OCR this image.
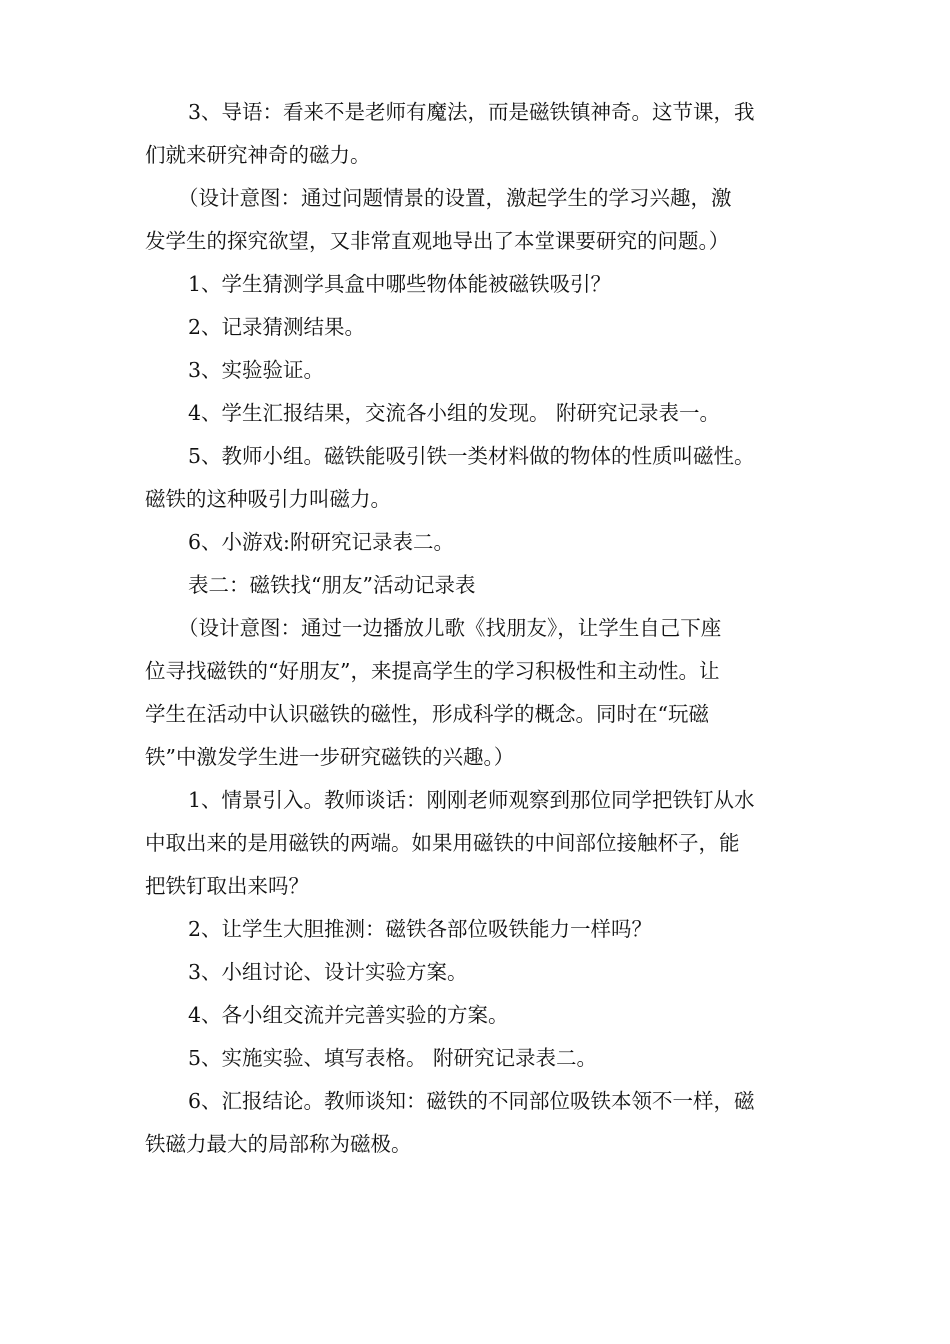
3、导语：看来不是老师有魔法，而是磁铁镇神奇。这节课，我
们就来研究神奇的磁力。
（设计意图：通过问题情景的设置，激起学生的学习兴趣，激
发学生的探究欲望，又非常直观地导出了本堂课要研究的问题。）
1、学生猜测学具盒中哪些物体能被磁铁吸引？
2、记录猜测结果。
3、实验验证。
4、学生汇报结果，交流各小组的发现。 附研究记录表一。
5、教师小组。磁铁能吸引铁一类材料做的物体的性质叫磁性。
磁铁的这种吸引力叫磁力。
6、小游戏:附研究记录表二。
表二：磁铁找“朋友”活动记录表
（设计意图：通过一边播放儿歌《找朋友》，让学生自己下座
位寻找磁铁的“好朋友”，来提高学生的学习积极性和主动性。让
学生在活动中认识磁铁的磁性，形成科学的概念。同时在“玩磁
铁”中激发学生进一步研究磁铁的兴趣。）
1、情景引入。教师谈话：刚刚老师观察到那位同学把铁钉从水
中取出来的是用磁铁的两端。如果用磁铁的中间部位接触杯子，能
把铁钉取出来吗？
2、让学生大胆推测：磁铁各部位吸铁能力一样吗？
3、小组讨论、设计实验方案。
4、各小组交流并完善实验的方案。
5、实施实验、填写表格。 附研究记录表二。
6、汇报结论。教师谈知：磁铁的不同部位吸铁本领不一样，磁
铁磁力最大的局部称为磁极。
